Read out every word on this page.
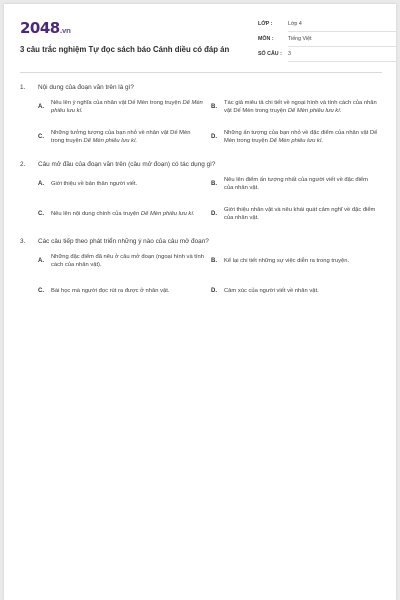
2048.vn
3 câu trắc nghiệm Tự đọc sách báo Cánh diều có đáp án
LỚP :	Lớp 4
MÔN :	Tiếng Việt
SỐ CÂU : 3
1. Nội dung của đoạn văn trên là gì?
A.
Nêu lên ý nghĩa của nhân vật Dế Mèn trong truyện Dế Mèn phiêu lưu kí.
B.
Tác giả miêu tả chi tiết về ngoại hình và tính cách của nhân vật Dế Mèn trong truyện Dế Mèn phiêu lưu kí.
C.
Những tưởng tượng của bạn nhỏ về nhân vật Dế Mèn trong truyện Dế Mèn phiêu lưu kí.
D.
Những ấn tượng của bạn nhỏ về đặc điểm của nhân vật Dế Mèn trong truyện Dế Mèn phiêu lưu kí.
2. Câu mở đầu của đoạn văn trên (câu mở đoạn) có tác dụng gì?
A.	Giới thiệu về bản thân người viết.	B.
Nêu lên điểm ấn tượng nhất của người viết về đặc điểm của nhân vật.
C.	Nêu lên nội dung chính của truyện Dế Mèn phiêu lưu kí.	D.
Giới thiệu nhân vật và nêu khái quát cảm nghĩ về đặc điểm của nhân vật.
3. Các câu tiếp theo phát triển những ý nào của câu mở đoạn?
A.
Những đặc điểm đã nêu ở câu mở đoạn (ngoại hình và tính cách của nhân vật).
B.	Kể lại chi tiết những sự việc diễn ra trong truyện.
C.	Bài học mà người đọc rút ra được ở nhân vật.	D.	Cảm xúc của người viết về nhân vật.
